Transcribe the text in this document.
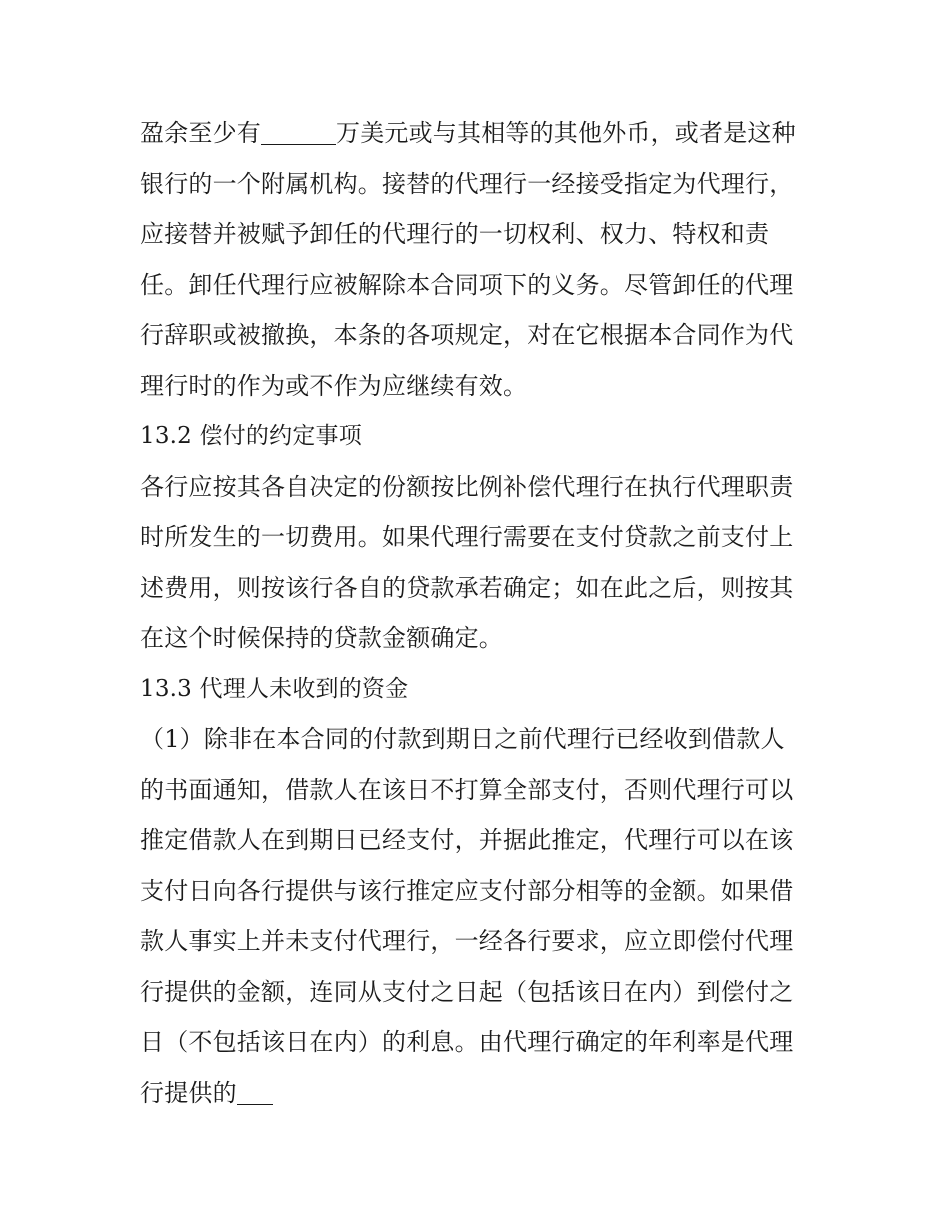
盈余至少有	万美元或与其相等的其他外币，或者是这种
银行的一个附属机构。接替的代理行一经接受指定为代理行，
应接替并被赋予卸任的代理行的一切权利、权力、特权和责
任。卸任代理行应被解除本合同项下的义务。尽管卸任的代理
行辞职或被撤换，本条的各项规定，对在它根据本合同作为代
理行时的作为或不作为应继续有效。
13.2 偿付的约定事项
各行应按其各自决定的份额按比例补偿代理行在执行代理职责
时所发生的一切费用。如果代理行需要在支付贷款之前支付上
述费用，则按该行各自的贷款承若确定；如在此之后，则按其
在这个时候保持的贷款金额确定。
13.3 代理人未收到的资金
（1）除非在本合同的付款到期日之前代理行已经收到借款人
的书面通知，借款人在该日不打算全部支付，否则代理行可以
推定借款人在到期日已经支付，并据此推定，代理行可以在该
支付日向各行提供与该行推定应支付部分相等的金额。如果借
款人事实上并未支付代理行，一经各行要求，应立即偿付代理
行提供的金额，连同从支付之日起（包括该日在内）到偿付之
日（不包括该日在内）的利息。由代理行确定的年利率是代理
行提供的
